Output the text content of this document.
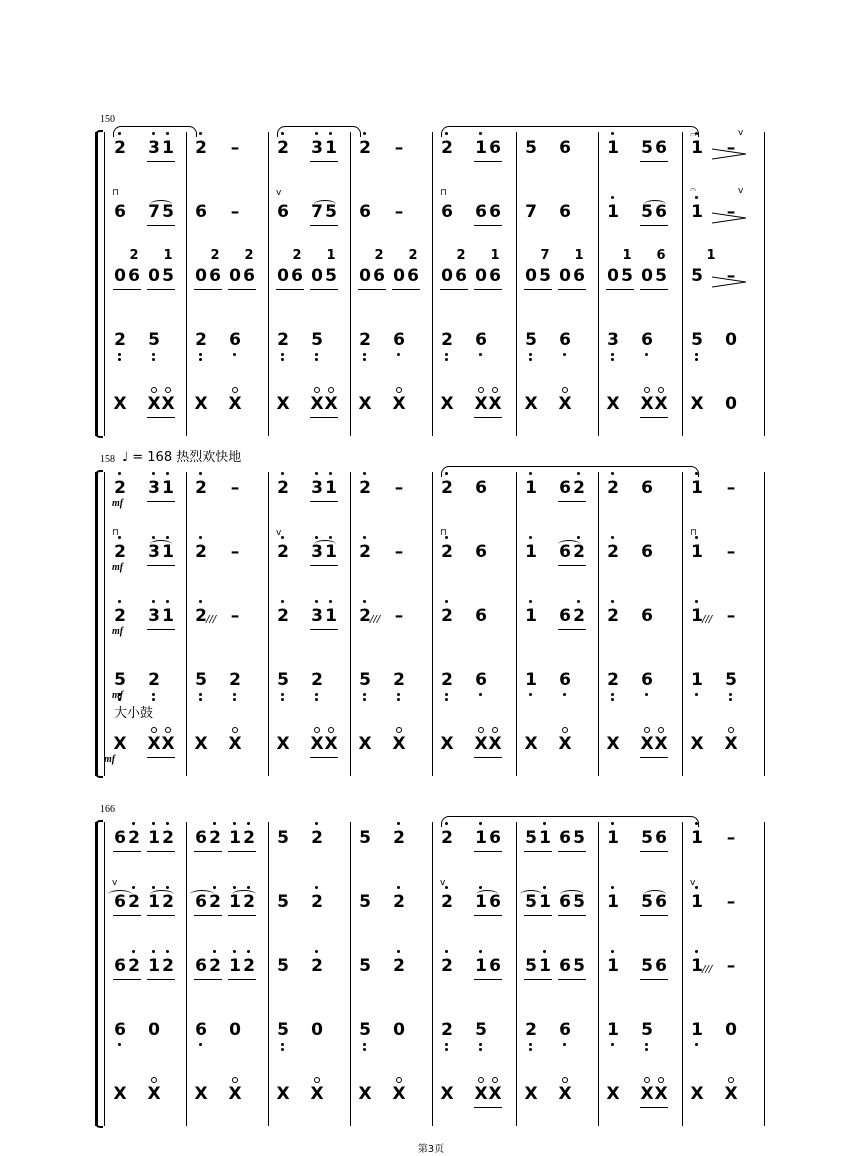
150
2 3 1 2 – 2 3 1 2 – 2 1 6 5 6 1 5 6 1 –
6 7 5 6 – 6 7 5 6 – 6 6 6 7 6 1 5 6 1 –
0 6 0 5 0 6 0 6 0 6 0 5 0 6 0 6 0 6 0 6 0 5 0 6 0 5 0 5 5 –
2 5 2 6 2 5 2 6 2 6 5 6 3 6 5 0
X X X X X X X X X X X X X X X X X X X 0
⊓	v	⊓
𝄐
𝄐
v
v
2 1	2 2	2 1	2 2	2 1	7 1	1 6	1
158 ♩ = 168 热烈欢快地
2 3 1 2 – 2 3 1 2 – 2 6 1 6 2 2 6 1 –
2 3 1 2 – 2 3 1 2 – 2 6 1 6 2 2 6 1 –
2 3 1 2 – 2 3 1 2 – 2 6 1 6 2 2 6 1 –
5 2 5 2 5 2 5 2 2 6 1 6 2 6 1 5
X X X X X X X X X X X X X X X X X X X X
⊓	v	⊓	⊓
mf
mf
mf
mf
mf
大小鼓
///	///	///
166
6 2 1 2 6 2 1 2 5 2 5 2 2 1 6 5 1 6 5 1 5 6 1 –
6 2 1 2 6 2 1 2 5 2 5 2 2 1 6 5 1 6 5 1 5 6 1 –
6 2 1 2 6 2 1 2 5 2 5 2 2 1 6 5 1 6 5 1 5 6 1 –
6 0 6 0 5 0 5 0 2 5 2 6 1 5 1 0
X X X X X X X X X X X X X X X X X X
v	v	v
///
第3页
